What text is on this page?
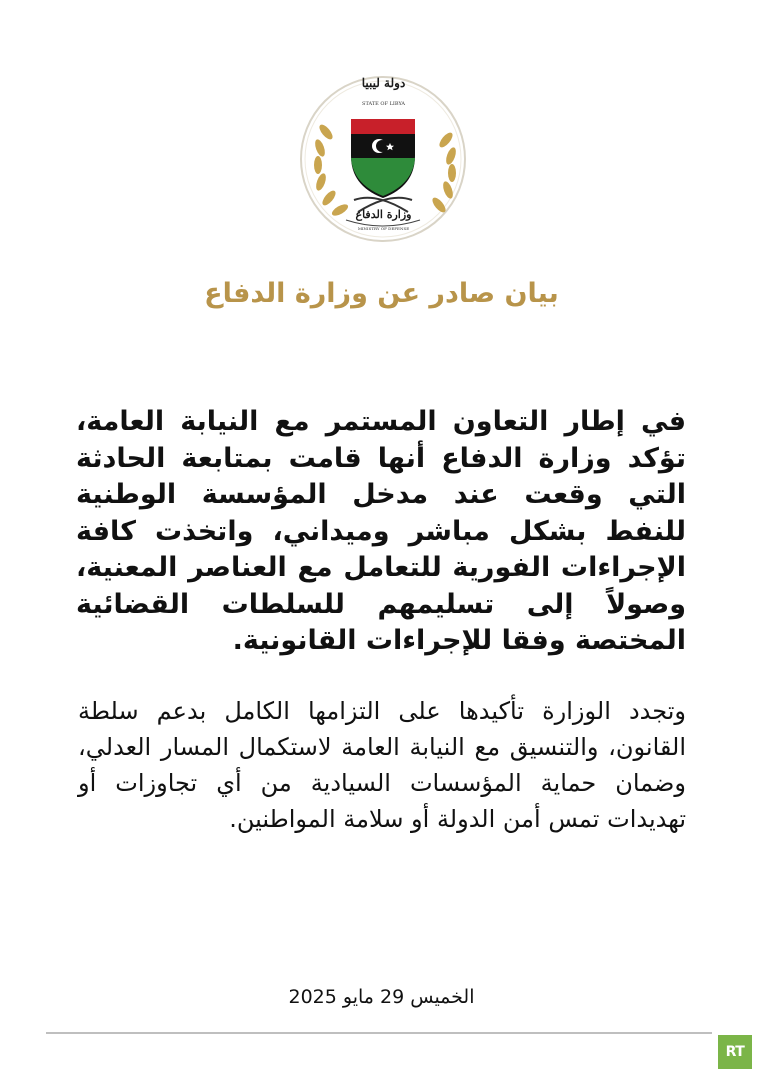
دولة ليبيا
STATE OF LIBYA
وزارة الدفاع
MINISTRY OF DEFENSE
بيان صادر عن وزارة الدفاع
في إطار التعاون المستمر مع النيابة العامة، تؤكد وزارة الدفاع أنها قامت بمتابعة الحادثة التي وقعت عند مدخل المؤسسة الوطنية للنفط بشكل مباشر وميداني، واتخذت كافة الإجراءات الفورية للتعامل مع العناصر المعنية، وصولاً إلى تسليمهم للسلطات القضائية المختصة وفقا للإجراءات القانونية.
وتجدد الوزارة تأكيدها على التزامها الكامل بدعم سلطة القانون، والتنسيق مع النيابة العامة لاستكمال المسار العدلي، وضمان حماية المؤسسات السيادية من أي تجاوزات أو تهديدات تمس أمن الدولة أو سلامة المواطنين.
الخميس 29 مايو 2025
RT
